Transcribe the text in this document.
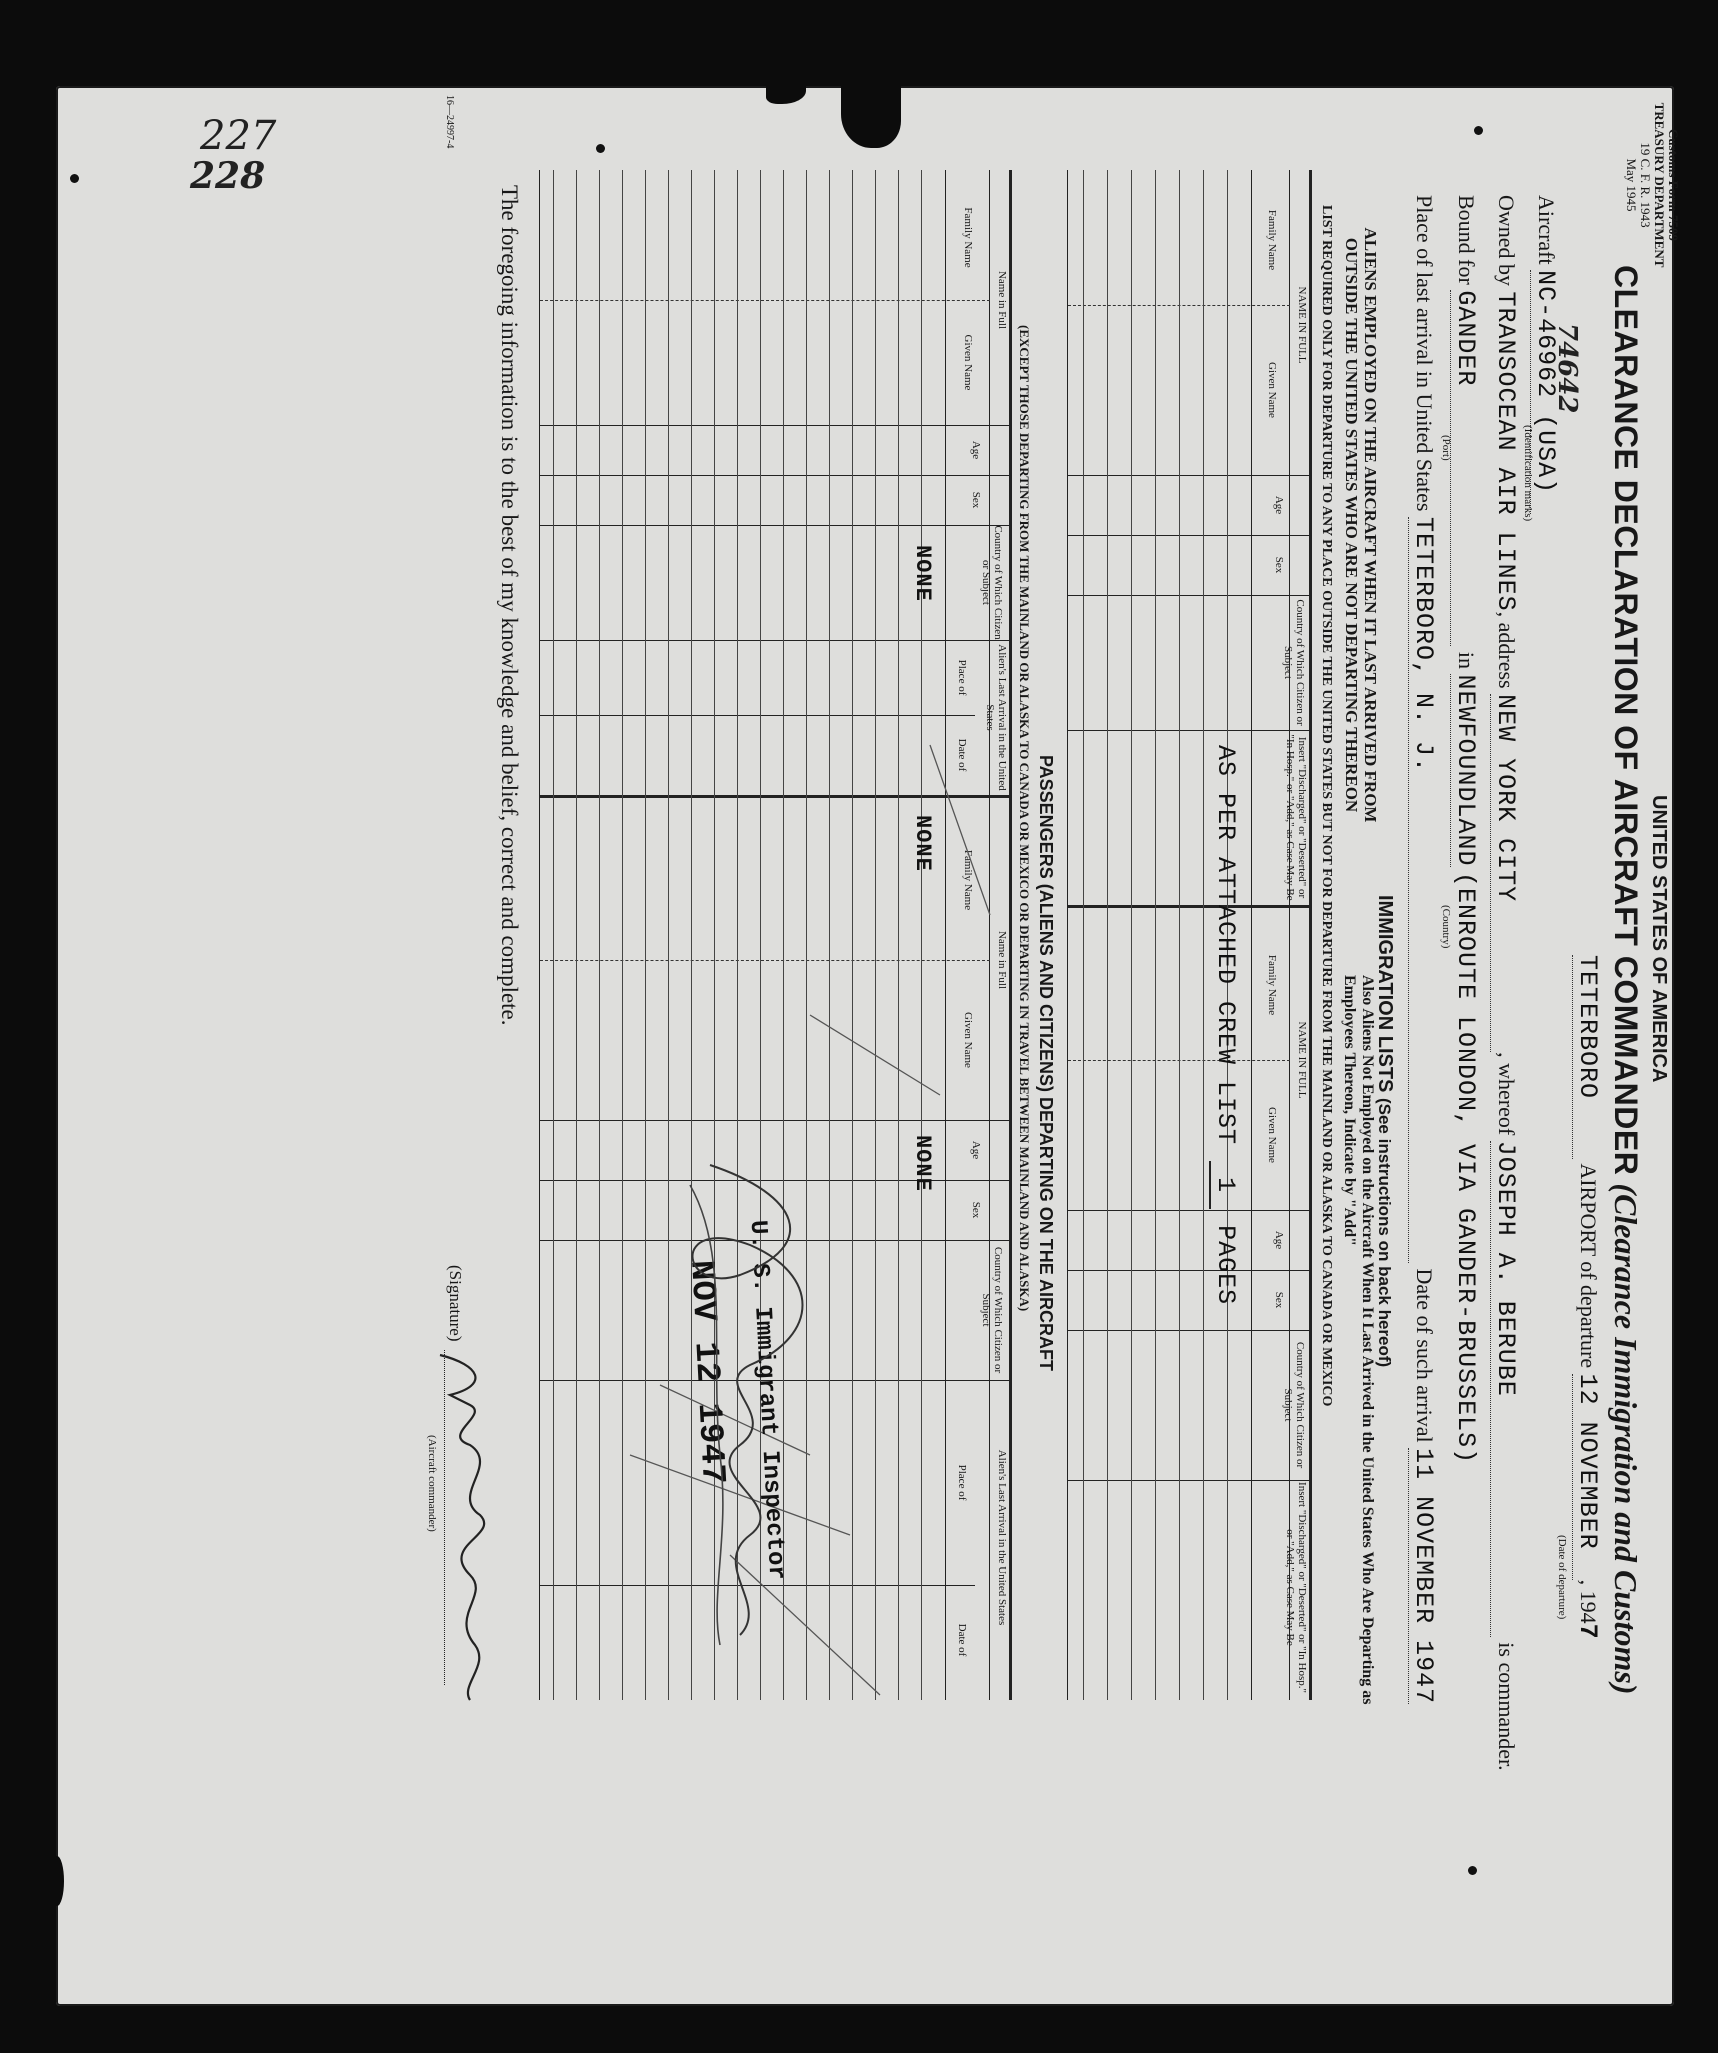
Customs Form 7509
TREASURY DEPARTMENT
19 C. F. R. 1943
May 1945
UNITED STATES OF AMERICA
CLEARANCE DECLARATION OF AIRCRAFT COMMANDER (Clearance Immigration and Customs)
TETERBORO AIRPORT of departure 12 NOVEMBER, 1947
(Date of departure)
227
228
Aircraft NC-46962 (USA)
74642
(Identification marks)
Owned by TRANSOCEAN AIR LINES, address NEW YORK CITY, whereof JOSEPH A. BERUBE is commander.
Bound for GANDER in NEWFOUNDLAND (ENROUTE LONDON, VIA GANDER-BRUSSELS)
(Port)
(Country)
Place of last arrival in United States TETERBORO, N. J. Date of such arrival 11 NOVEMBER 1947
IMMIGRATION LISTS (See instructions on back hereof)
ALIENS EMPLOYED ON THE AIRCRAFT WHEN IT LAST ARRIVED FROM OUTSIDE THE UNITED STATES WHO ARE NOT DEPARTING THEREON
Also Aliens Not Employed on the Aircraft When It Last Arrived in the United States Who Are Departing as Employees Thereon, Indicate by "Add"
LIST REQUIRED ONLY FOR DEPARTURE TO ANY PLACE OUTSIDE THE UNITED STATES BUT NOT FOR DEPARTURE FROM THE MAINLAND OR ALASKA TO CANADA OR MEXICO
NAME IN FULL
Family Name
Given Name
Age
Sex
Country of Which Citizen or Subject
Insert "Discharged" or "Deserted" or "In Hosp." or "Add," as Case May Be
NAME IN FULL
Family Name
Given Name
Age
Sex
Country of Which Citizen or Subject
Insert "Discharged" or "Deserted" or "In Hosp." or "Add," as Case May Be
AS PER ATTACHED CREW LIST 1 PAGES
PASSENGERS (ALIENS AND CITIZENS) DEPARTING ON THE AIRCRAFT
(EXCEPT THOSE DEPARTING FROM THE MAINLAND OR ALASKA TO CANADA OR MEXICO OR DEPARTING IN TRAVEL BETWEEN MAINLAND AND ALASKA)
Name in Full
Family Name
Given Name
Age
Sex
Country of Which Citizen or Subject
Alien's Last Arrival in the United States
Place of
Date of
Name in Full
Family Name
Given Name
Age
Sex
Country of Which Citizen or Subject
Alien's Last Arrival in the United States
Place of
Date of
NONE
NONE
NONE
U. S. Immigrant Inspector
NOV 12 1947
The foregoing information is to the best of my knowledge and belief, correct and complete.
(Signature)
(Aircraft commander)
16—24997-4
